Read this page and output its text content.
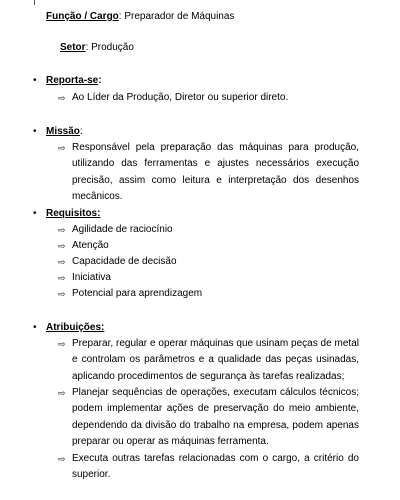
Função / Cargo: Preparador de Máquinas
Setor: Produção
• Reporta-se:
⇨ Ao Líder da Produção, Diretor ou superior direto.
• Missão:
⇨ Responsável pela preparação das máquinas para produção, utilizando das ferramentas e ajustes necessários execução precisão, assim como leitura e interpretação dos desenhos mecânicos.
• Requisitos:
⇨ Agilidade de raciocínio
⇨ Atenção
⇨ Capacidade de decisão
⇨ Iniciativa
⇨ Potencial para aprendizagem
• Atribuições:
⇨ Preparar, regular e operar máquinas que usinam peças de metal e controlam os parâmetros e a qualidade das peças usinadas, aplicando procedimentos de segurança às tarefas realizadas;
⇨ Planejar sequências de operações, executam cálculos técnicos; podem implementar ações de preservação do meio ambiente, dependendo da divisão do trabalho na empresa, podem apenas preparar ou operar as máquinas ferramenta.
⇨ Executa outras tarefas relacionadas com o cargo, a critério do superior.
